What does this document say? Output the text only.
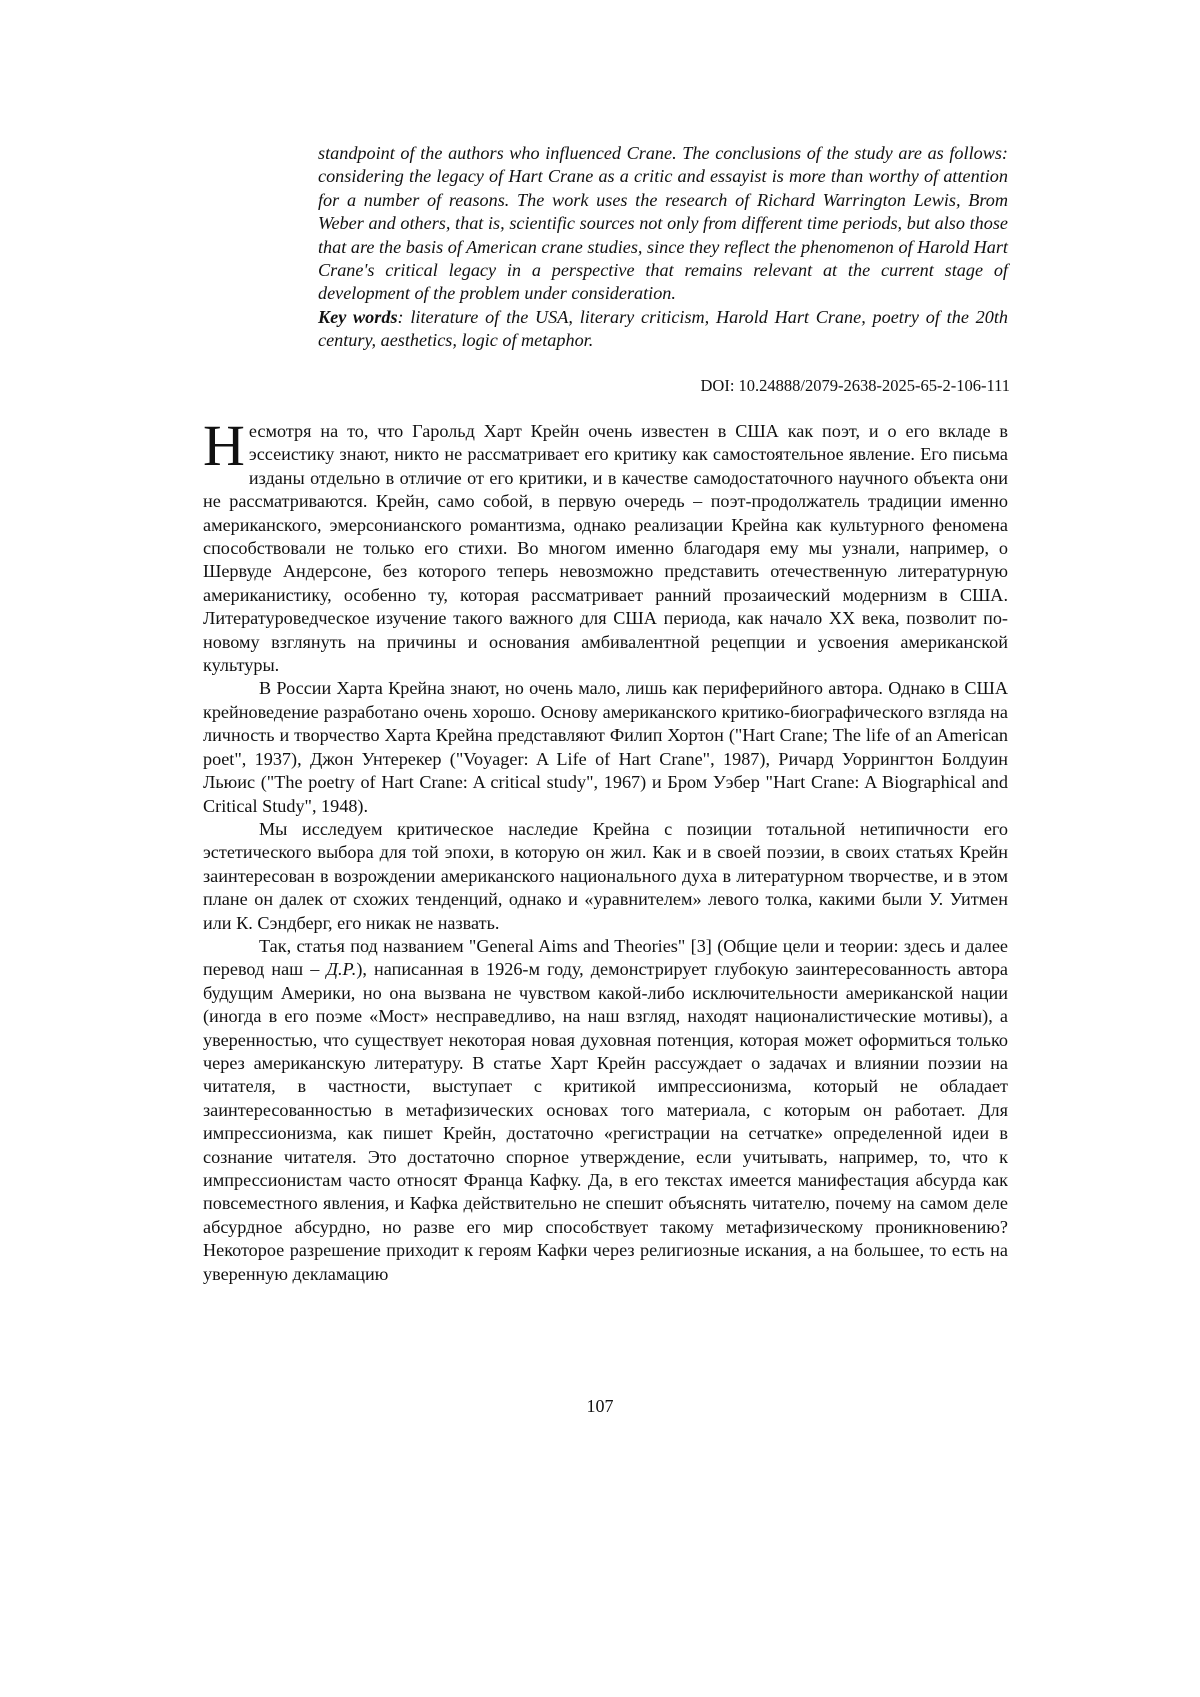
standpoint of the authors who influenced Crane. The conclusions of the study are as follows: considering the legacy of Hart Crane as a critic and essayist is more than worthy of attention for a number of reasons. The work uses the research of Richard Warrington Lewis, Brom Weber and others, that is, scientific sources not only from different time periods, but also those that are the basis of American crane studies, since they reflect the phenomenon of Harold Hart Crane's critical legacy in a perspective that remains relevant at the current stage of development of the problem under consideration.

Key words: literature of the USA, literary criticism, Harold Hart Crane, poetry of the 20th century, aesthetics, logic of metaphor.

DOI: 10.24888/2079-2638-2025-65-2-106-111

Несмотря на то, что Гарольд Харт Крейн очень известен в США как поэт, и о его вкладе в эссеистику знают, никто не рассматривает его критику как самостоятельное явление. Его письма изданы отдельно в отличие от его критики, и в качестве самодостаточного научного объекта они не рассматриваются. Крейн, само собой, в первую очередь – поэт-продолжатель традиции именно американского, эмерсонианского романтизма, однако реализации Крейна как культурного феномена способствовали не только его стихи. Во многом именно благодаря ему мы узнали, например, о Шервуде Андерсоне, без которого теперь невозможно представить отечественную литературную американистику, особенно ту, которая рассматривает ранний прозаический модернизм в США. Литературоведческое изучение такого важного для США периода, как начало XX века, позволит по-новому взглянуть на причины и основания амбивалентной рецепции и усвоения американской культуры.

В России Харта Крейна знают, но очень мало, лишь как периферийного автора. Однако в США крейноведение разработано очень хорошо. Основу американского критико-биографического взгляда на личность и творчество Харта Крейна представляют Филип Хортон ("Hart Crane; The life of an American poet", 1937), Джон Унтерекер ("Voyager: A Life of Hart Crane", 1987), Ричард Уоррингтон Болдуин Льюис ("The poetry of Hart Crane: A critical study", 1967) и Бром Уэбер "Hart Crane: A Biographical and Critical Study", 1948).

Мы исследуем критическое наследие Крейна с позиции тотальной нетипичности его эстетического выбора для той эпохи, в которую он жил. Как и в своей поэзии, в своих статьях Крейн заинтересован в возрождении американского национального духа в литературном творчестве, и в этом плане он далек от схожих тенденций, однако и «уравнителем» левого толка, какими были У. Уитмен или К. Сэндберг, его никак не назвать.

Так, статья под названием "General Aims and Theories" [3] (Общие цели и теории: здесь и далее перевод наш – Д.Р.), написанная в 1926-м году, демонстрирует глубокую заинтересованность автора будущим Америки, но она вызвана не чувством какой-либо исключительности американской нации (иногда в его поэме «Мост» несправедливо, на наш взгляд, находят националистические мотивы), а уверенностью, что существует некоторая новая духовная потенция, которая может оформиться только через американскую литературу. В статье Харт Крейн рассуждает о задачах и влиянии поэзии на читателя, в частности, выступает с критикой импрессионизма, который не обладает заинтересованностью в метафизических основах того материала, с которым он работает. Для импрессионизма, как пишет Крейн, достаточно «регистрации на сетчатке» определенной идеи в сознание читателя. Это достаточно спорное утверждение, если учитывать, например, то, что к импрессионистам часто относят Франца Кафку. Да, в его текстах имеется манифестация абсурда как повсеместного явления, и Кафка действительно не спешит объяснять читателю, почему на самом деле абсурдное абсурдно, но разве его мир способствует такому метафизическому проникновению? Некоторое разрешение приходит к героям Кафки через религиозные искания, а на большее, то есть на уверенную декламацию

107
